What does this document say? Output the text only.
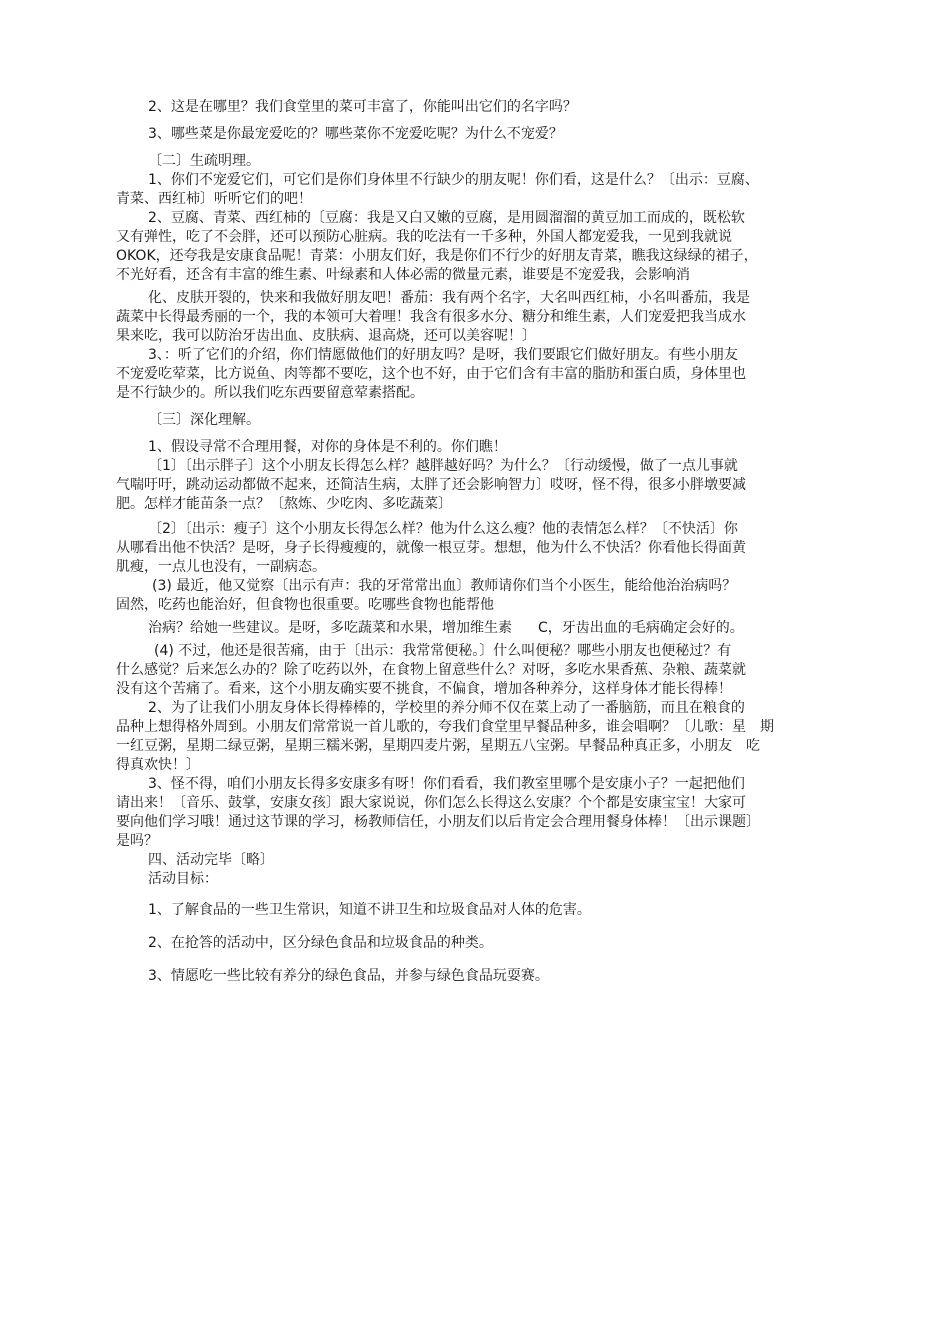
2、这是在哪里？我们食堂里的菜可丰富了，你能叫出它们的名字吗？
3、哪些菜是你最宠爱吃的？哪些菜你不宠爱吃呢？为什么不宠爱？
〔二〕生疏明理。
1、你们不宠爱它们，可它们是你们身体里不行缺少的朋友呢！你们看，这是什么？〔出示：豆腐、
青菜、西红柿〕听听它们的吧！
2、豆腐、青菜、西红柿的〔豆腐：我是又白又嫩的豆腐，是用圆溜溜的黄豆加工而成的，既松软
又有弹性，吃了不会胖，还可以预防心脏病。我的吃法有一千多种，外国人都宠爱我，一见到我就说
OKOK，还夸我是安康食品呢！青菜：小朋友们好，我是你们不行少的好朋友青菜，瞧我这绿绿的裙子，
不光好看，还含有丰富的维生素、叶绿素和人体必需的微量元素，谁要是不宠爱我，会影响消
化、皮肤开裂的，快来和我做好朋友吧！番茄：我有两个名字，大名叫西红柿，小名叫番茄，我是
蔬菜中长得最秀丽的一个，我的本领可大着哩！我含有很多水分、糖分和维生素，人们宠爱把我当成水
果来吃，我可以防治牙齿出血、皮肤病、退高烧，还可以美容呢！〕
3、：听了它们的介绍，你们情愿做他们的好朋友吗？是呀，我们要跟它们做好朋友。有些小朋友
不宠爱吃荤菜，比方说鱼、肉等都不要吃，这个也不好，由于它们含有丰富的脂肪和蛋白质，身体里也
是不行缺少的。所以我们吃东西要留意荤素搭配。
〔三〕深化理解。
1、假设寻常不合理用餐，对你的身体是不利的。你们瞧！
〔1〕〔出示胖子〕这个小朋友长得怎么样？越胖越好吗？为什么？〔行动缓慢，做了一点儿事就
气喘吁吁，跳动运动都做不起来，还简洁生病，太胖了还会影响智力〕哎呀，怪不得，很多小胖墩要减
肥。怎样才能苗条一点？〔熬炼、少吃肉、多吃蔬菜〕
〔2〕〔出示：瘦子〕这个小朋友长得怎么样？他为什么这么瘦？他的表情怎么样？〔不快活〕你
从哪看出他不快活？是呀，身子长得瘦瘦的，就像一根豆芽。想想，他为什么不快活？你看他长得面黄
肌瘦，一点儿也没有，一副病态。
(3) 最近，他又觉察〔出示有声：我的牙常常出血〕教师请你们当个小医生，能给他治治病吗？
固然，吃药也能治好，但食物也很重要。吃哪些食物也能帮他
治病？给她一些建议。是呀，多吃蔬菜和水果，增加维生素 C，牙齿出血的毛病确定会好的。
(4) 不过，他还是很苦痛，由于〔出示：我常常便秘。〕什么叫便秘？哪些小朋友也便秘过？有
什么感觉？后来怎么办的？除了吃药以外，在食物上留意些什么？对呀，多吃水果香蕉、杂粮、蔬菜就
没有这个苦痛了。看来，这个小朋友确实要不挑食，不偏食，增加各种养分，这样身体才能长得棒！
2、为了让我们小朋友身体长得棒棒的，学校里的养分师不仅在菜上动了一番脑筋，而且在粮食的
品种上想得格外周到。小朋友们常常说一首儿歌的，夸我们食堂里早餐品种多，谁会唱啊？〔儿歌：星　期
一红豆粥，星期二绿豆粥，星期三糯米粥，星期四麦片粥，星期五八宝粥。早餐品种真正多，小朋友　吃
得真欢快！〕
3、怪不得，咱们小朋友长得多安康多有呀！你们看看，我们教室里哪个是安康小子？一起把他们
请出来！〔音乐、鼓掌，安康女孩〕跟大家说说，你们怎么长得这么安康？个个都是安康宝宝！大家可
要向他们学习哦！通过这节课的学习，杨教师信任，小朋友们以后肯定会合理用餐身体棒！〔出示课题〕
是吗？
四、活动完毕〔略〕
活动目标：
1、了解食品的一些卫生常识，知道不讲卫生和垃圾食品对人体的危害。
2、在抢答的活动中，区分绿色食品和垃圾食品的种类。
3、情愿吃一些比较有养分的绿色食品，并参与绿色食品玩耍赛。
